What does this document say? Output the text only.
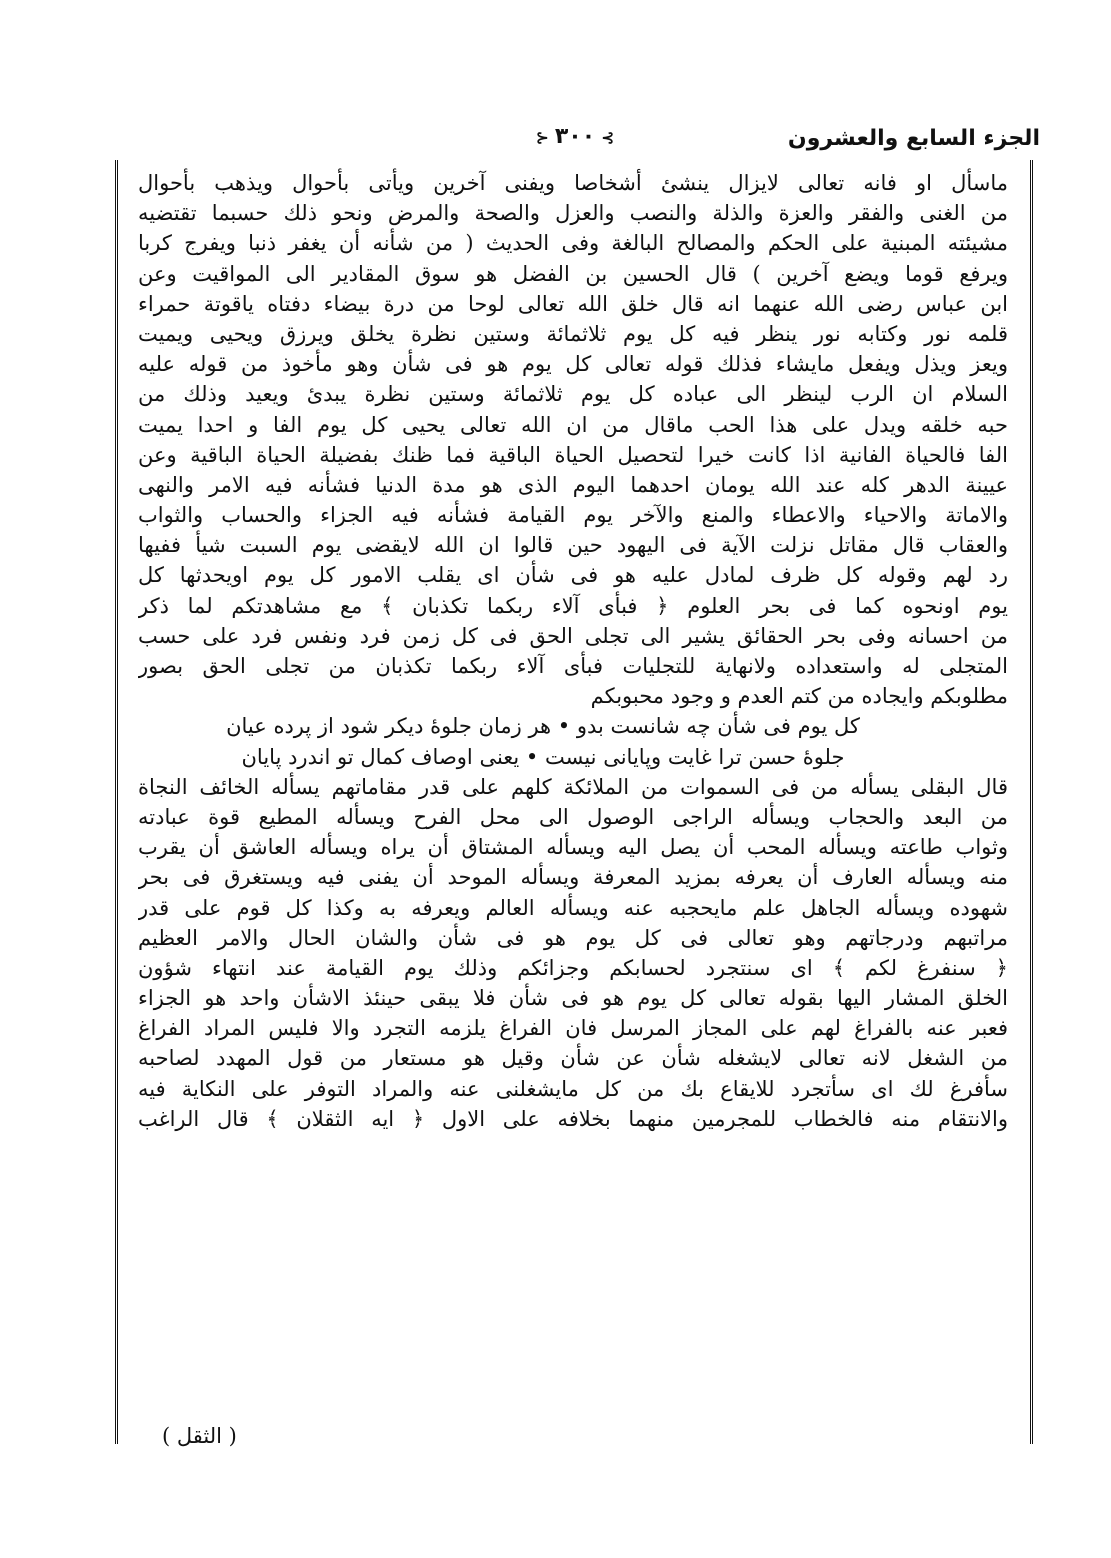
الجزء السابع والعشرون
⊱٣٠٠⊰
ماسأل او فانه تعالى لايزال ينشئ أشخاصا ويفنى آخرين ويأتى بأحوال ويذهب بأحوال
من الغنى والفقر والعزة والذلة والنصب والعزل والصحة والمرض ونحو ذلك حسبما تقتضيه
مشيئته المبنية على الحكم والمصالح البالغة وفى الحديث ( من شأنه أن يغفر ذنبا ويفرج كربا
ويرفع قوما ويضع آخرين ) قال الحسين بن الفضل هو سوق المقادير الى المواقيت وعن
ابن عباس رضى الله عنهما انه قال خلق الله تعالى لوحا من درة بيضاء دفتاه ياقوتة حمراء
قلمه نور وكتابه نور ينظر فيه كل يوم ثلاثمائة وستين نظرة يخلق ويرزق ويحيى ويميت
ويعز ويذل ويفعل مايشاء فذلك قوله تعالى كل يوم هو فى شأن وهو مأخوذ من قوله عليه
السلام ان الرب لينظر الى عباده كل يوم ثلاثمائة وستين نظرة يبدئ ويعيد وذلك من
حبه خلقه ويدل على هذا الحب ماقال من ان الله تعالى يحيى كل يوم الفا و احدا يميت
الفا فالحياة الفانية اذا كانت خيرا لتحصيل الحياة الباقية فما ظنك بفضيلة الحياة الباقية وعن
عيينة الدهر كله عند الله يومان احدهما اليوم الذى هو مدة الدنيا فشأنه فيه الامر والنهى
والاماتة والاحياء والاعطاء والمنع والآخر يوم القيامة فشأنه فيه الجزاء والحساب والثواب
والعقاب قال مقاتل نزلت الآية فى اليهود حين قالوا ان الله لايقضى يوم السبت شيأ ففيها
رد لهم وقوله كل ظرف لمادل عليه هو فى شأن اى يقلب الامور كل يوم اويحدثها كل
يوم اونحوه كما فى بحر العلوم ﴿ فبأى آلاء ربكما تكذبان ﴾ مع مشاهدتكم لما ذكر
من احسانه وفى بحر الحقائق يشير الى تجلى الحق فى كل زمن فرد ونفس فرد على حسب
المتجلى له واستعداده ولانهاية للتجليات فبأى آلاء ربكما تكذبان من تجلى الحق بصور
مطلوبكم وايجاده من كتم العدم و وجود محبوبكم
كل يوم فى شأن چه شانست بدو • هر زمان جلوهٔ ديكر شود از پرده عيان
جلوهٔ حسن ترا غايت وپايانى نيست • يعنى اوصاف كمال تو اندرد پايان
قال البقلى يسأله من فى السموات من الملائكة كلهم على قدر مقاماتهم يسأله الخائف النجاة
من البعد والحجاب ويسأله الراجى الوصول الى محل الفرح ويسأله المطيع قوة عبادته
وثواب طاعته ويسأله المحب أن يصل اليه ويسأله المشتاق أن يراه ويسأله العاشق أن يقرب
منه ويسأله العارف أن يعرفه بمزيد المعرفة ويسأله الموحد أن يفنى فيه ويستغرق فى بحر
شهوده ويسأله الجاهل علم مايحجبه عنه ويسأله العالم ويعرفه به وكذا كل قوم على قدر
مراتبهم ودرجاتهم وهو تعالى فى كل يوم هو فى شأن والشان الحال والامر العظيم
﴿ سنفرغ لكم ﴾ اى سنتجرد لحسابكم وجزائكم وذلك يوم القيامة عند انتهاء شؤون
الخلق المشار اليها بقوله تعالى كل يوم هو فى شأن فلا يبقى حينئذ الاشأن واحد هو الجزاء
فعبر عنه بالفراغ لهم على المجاز المرسل فان الفراغ يلزمه التجرد والا فليس المراد الفراغ
من الشغل لانه تعالى لايشغله شأن عن شأن وقيل هو مستعار من قول المهدد لصاحبه
سأفرغ لك اى سأتجرد للايقاع بك من كل مايشغلنى عنه والمراد التوفر على النكاية فيه
والانتقام منه فالخطاب للمجرمين منهما بخلافه على الاول ﴿ ايه الثقلان ﴾ قال الراغب
( الثقل )
